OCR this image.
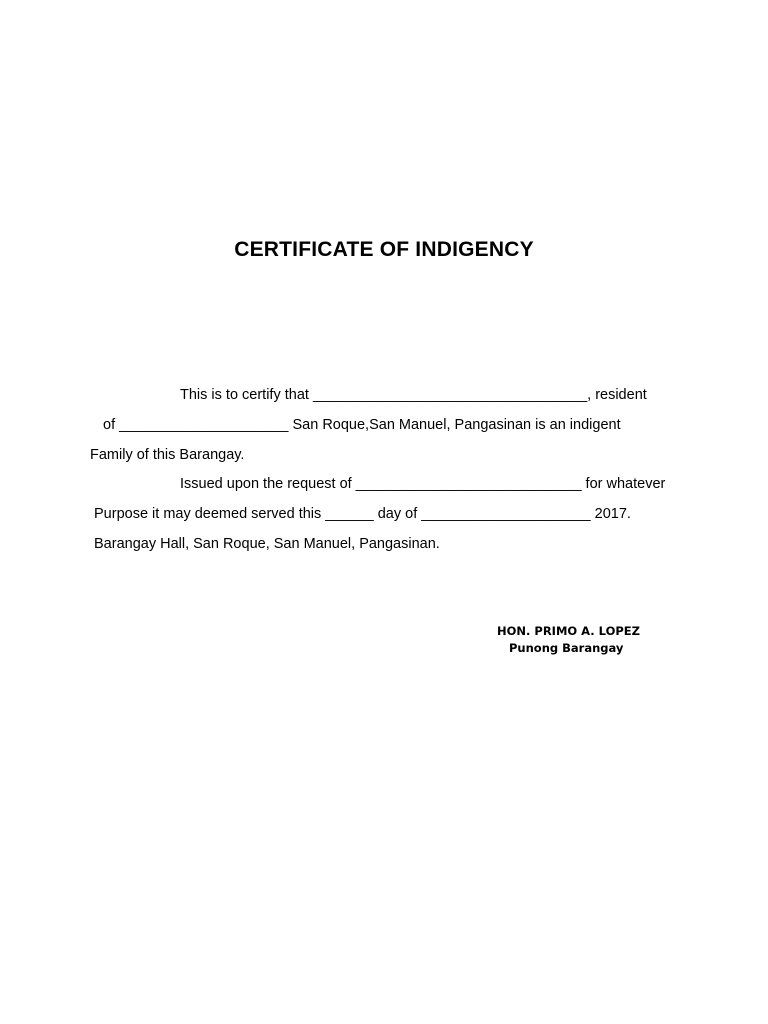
CERTIFICATE OF INDIGENCY
This is to certify that __________________________________, resident
of _____________________ San Roque,San Manuel, Pangasinan is an indigent
Family of this Barangay.
Issued upon the request of ____________________________ for whatever
Purpose it may deemed served this ______ day of _____________________ 2017.
Barangay Hall, San Roque, San Manuel, Pangasinan.
HON. PRIMO A. LOPEZ
Punong Barangay
